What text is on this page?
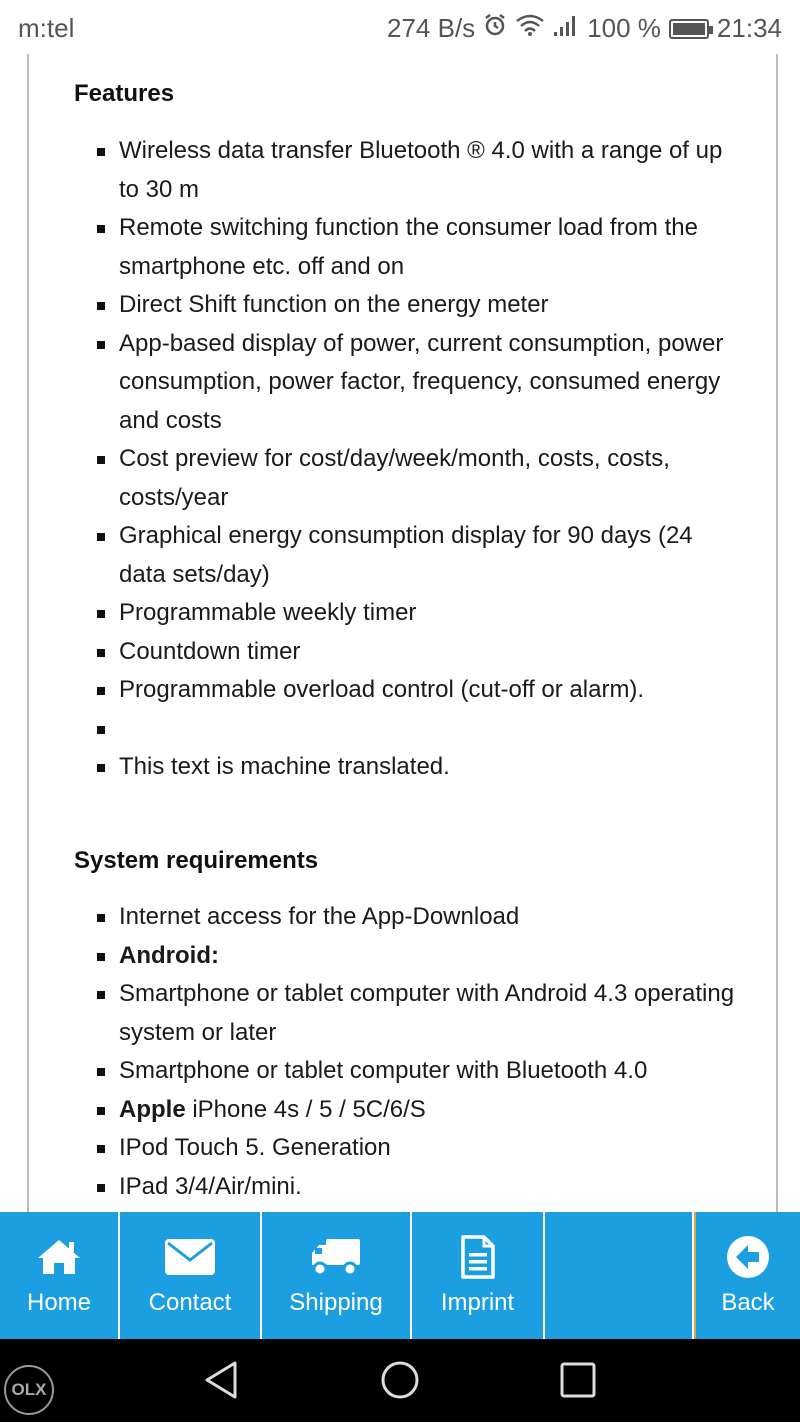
m:tel	274 B/s	100 % 21:34
Features
Wireless data transfer Bluetooth ® 4.0 with a range of up to 30 m
Remote switching function the consumer load from the smartphone etc. off and on
Direct Shift function on the energy meter
App-based display of power, current consumption, power consumption, power factor, frequency, consumed energy and costs
Cost preview for cost/day/week/month, costs, costs, costs/year
Graphical energy consumption display for 90 days (24 data sets/day)
Programmable weekly timer
Countdown timer
Programmable overload control (cut-off or alarm).
This text is machine translated.
System requirements
Internet access for the App-Download
Android:
Smartphone or tablet computer with Android 4.3 operating system or later
Smartphone or tablet computer with Bluetooth 4.0
Apple iPhone 4s / 5 / 5C/6/S
IPod Touch 5. Generation
IPad 3/4/Air/mini.
Home Contact Shipping Imprint	Back
OLX
